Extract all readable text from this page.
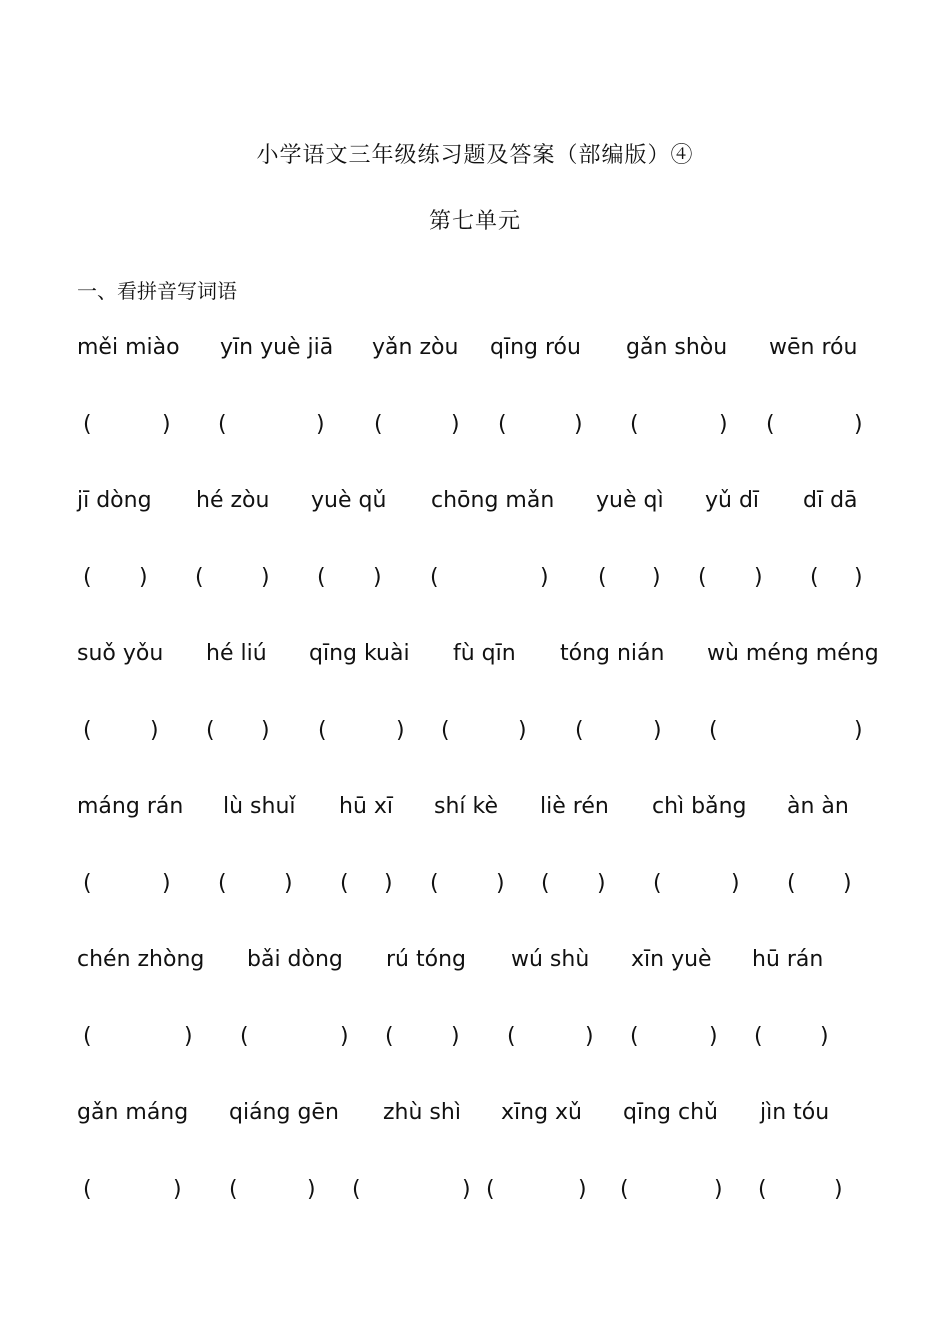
小学语文三年级练习题及答案（部编版）④
第七单元
一、看拼音写词语
měi miào yīn yuè jiā yǎn zòu qīng róu gǎn shòu wēn róu
(	) (	) (	) (	) (	) (	)
jī dòng hé zòu yuè qǔ chōng mǎn yuè qì yǔ dī dī dā
( ) (	) ( ) (	) ( ) ( ) ( )
suǒ yǒu hé liú qīng kuài fù qīn tóng nián wù méng méng
(	) ( ) (	) (	) (	) (	)
máng rán lù shuǐ hū xī shí kè liè rén chì bǎng àn àn
(	) (	) ( ) (	) ( ) (	) ( )
chén zhòng bǎi dòng rú tóng wú shù xīn yuè hū rán
(	) (	) (	) (	) (	) (	)
gǎn máng qiáng gēn zhù shì xīng xǔ qīng chǔ jìn tóu
(	) (	) (	) (	) (	) (	)
